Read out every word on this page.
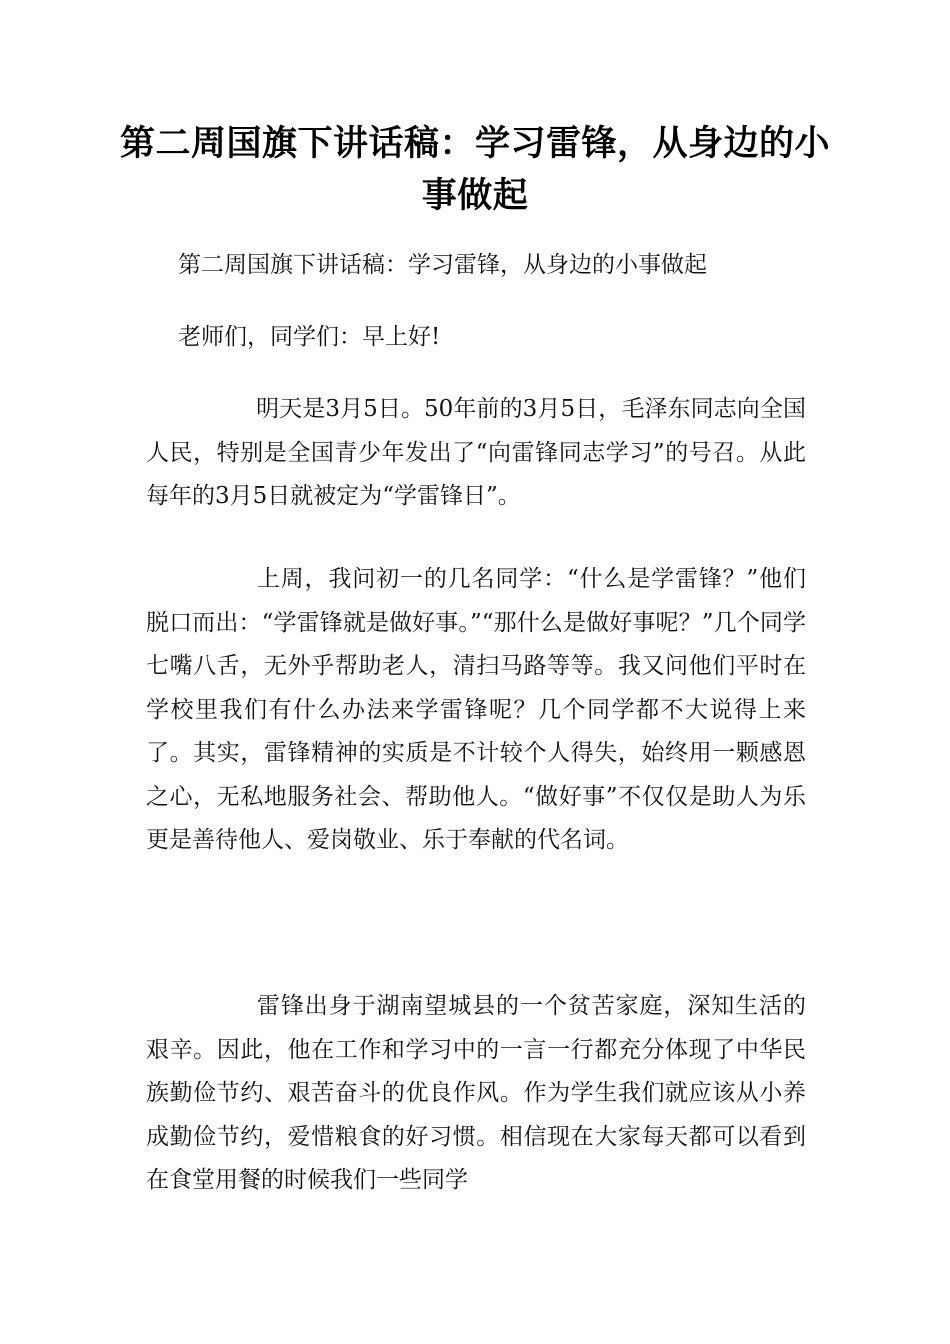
第二周国旗下讲话稿：学习雷锋，从身边的小事做起

第二周国旗下讲话稿：学习雷锋，从身边的小事做起

老师们，同学们：早上好!

明天是3月5日。50年前的3月5日，毛泽东同志向全国人民，特别是全国青少年发出了“向雷锋同志学习”的号召。从此每年的3月5日就被定为“学雷锋日”。

上周，我问初一的几名同学：“什么是学雷锋？”他们脱口而出：“学雷锋就是做好事。”“那什么是做好事呢？”几个同学七嘴八舌，无外乎帮助老人，清扫马路等等。我又问他们平时在学校里我们有什么办法来学雷锋呢？几个同学都不大说得上来了。其实，雷锋精神的实质是不计较个人得失，始终用一颗感恩之心，无私地服务社会、帮助他人。“做好事”不仅仅是助人为乐更是善待他人、爱岗敬业、乐于奉献的代名词。

雷锋出身于湖南望城县的一个贫苦家庭，深知生活的艰辛。因此，他在工作和学习中的一言一行都充分体现了中华民族勤俭节约、艰苦奋斗的优良作风。作为学生我们就应该从小养成勤俭节约，爱惜粮食的好习惯。相信现在大家每天都可以看到在食堂用餐的时候我们一些同学
